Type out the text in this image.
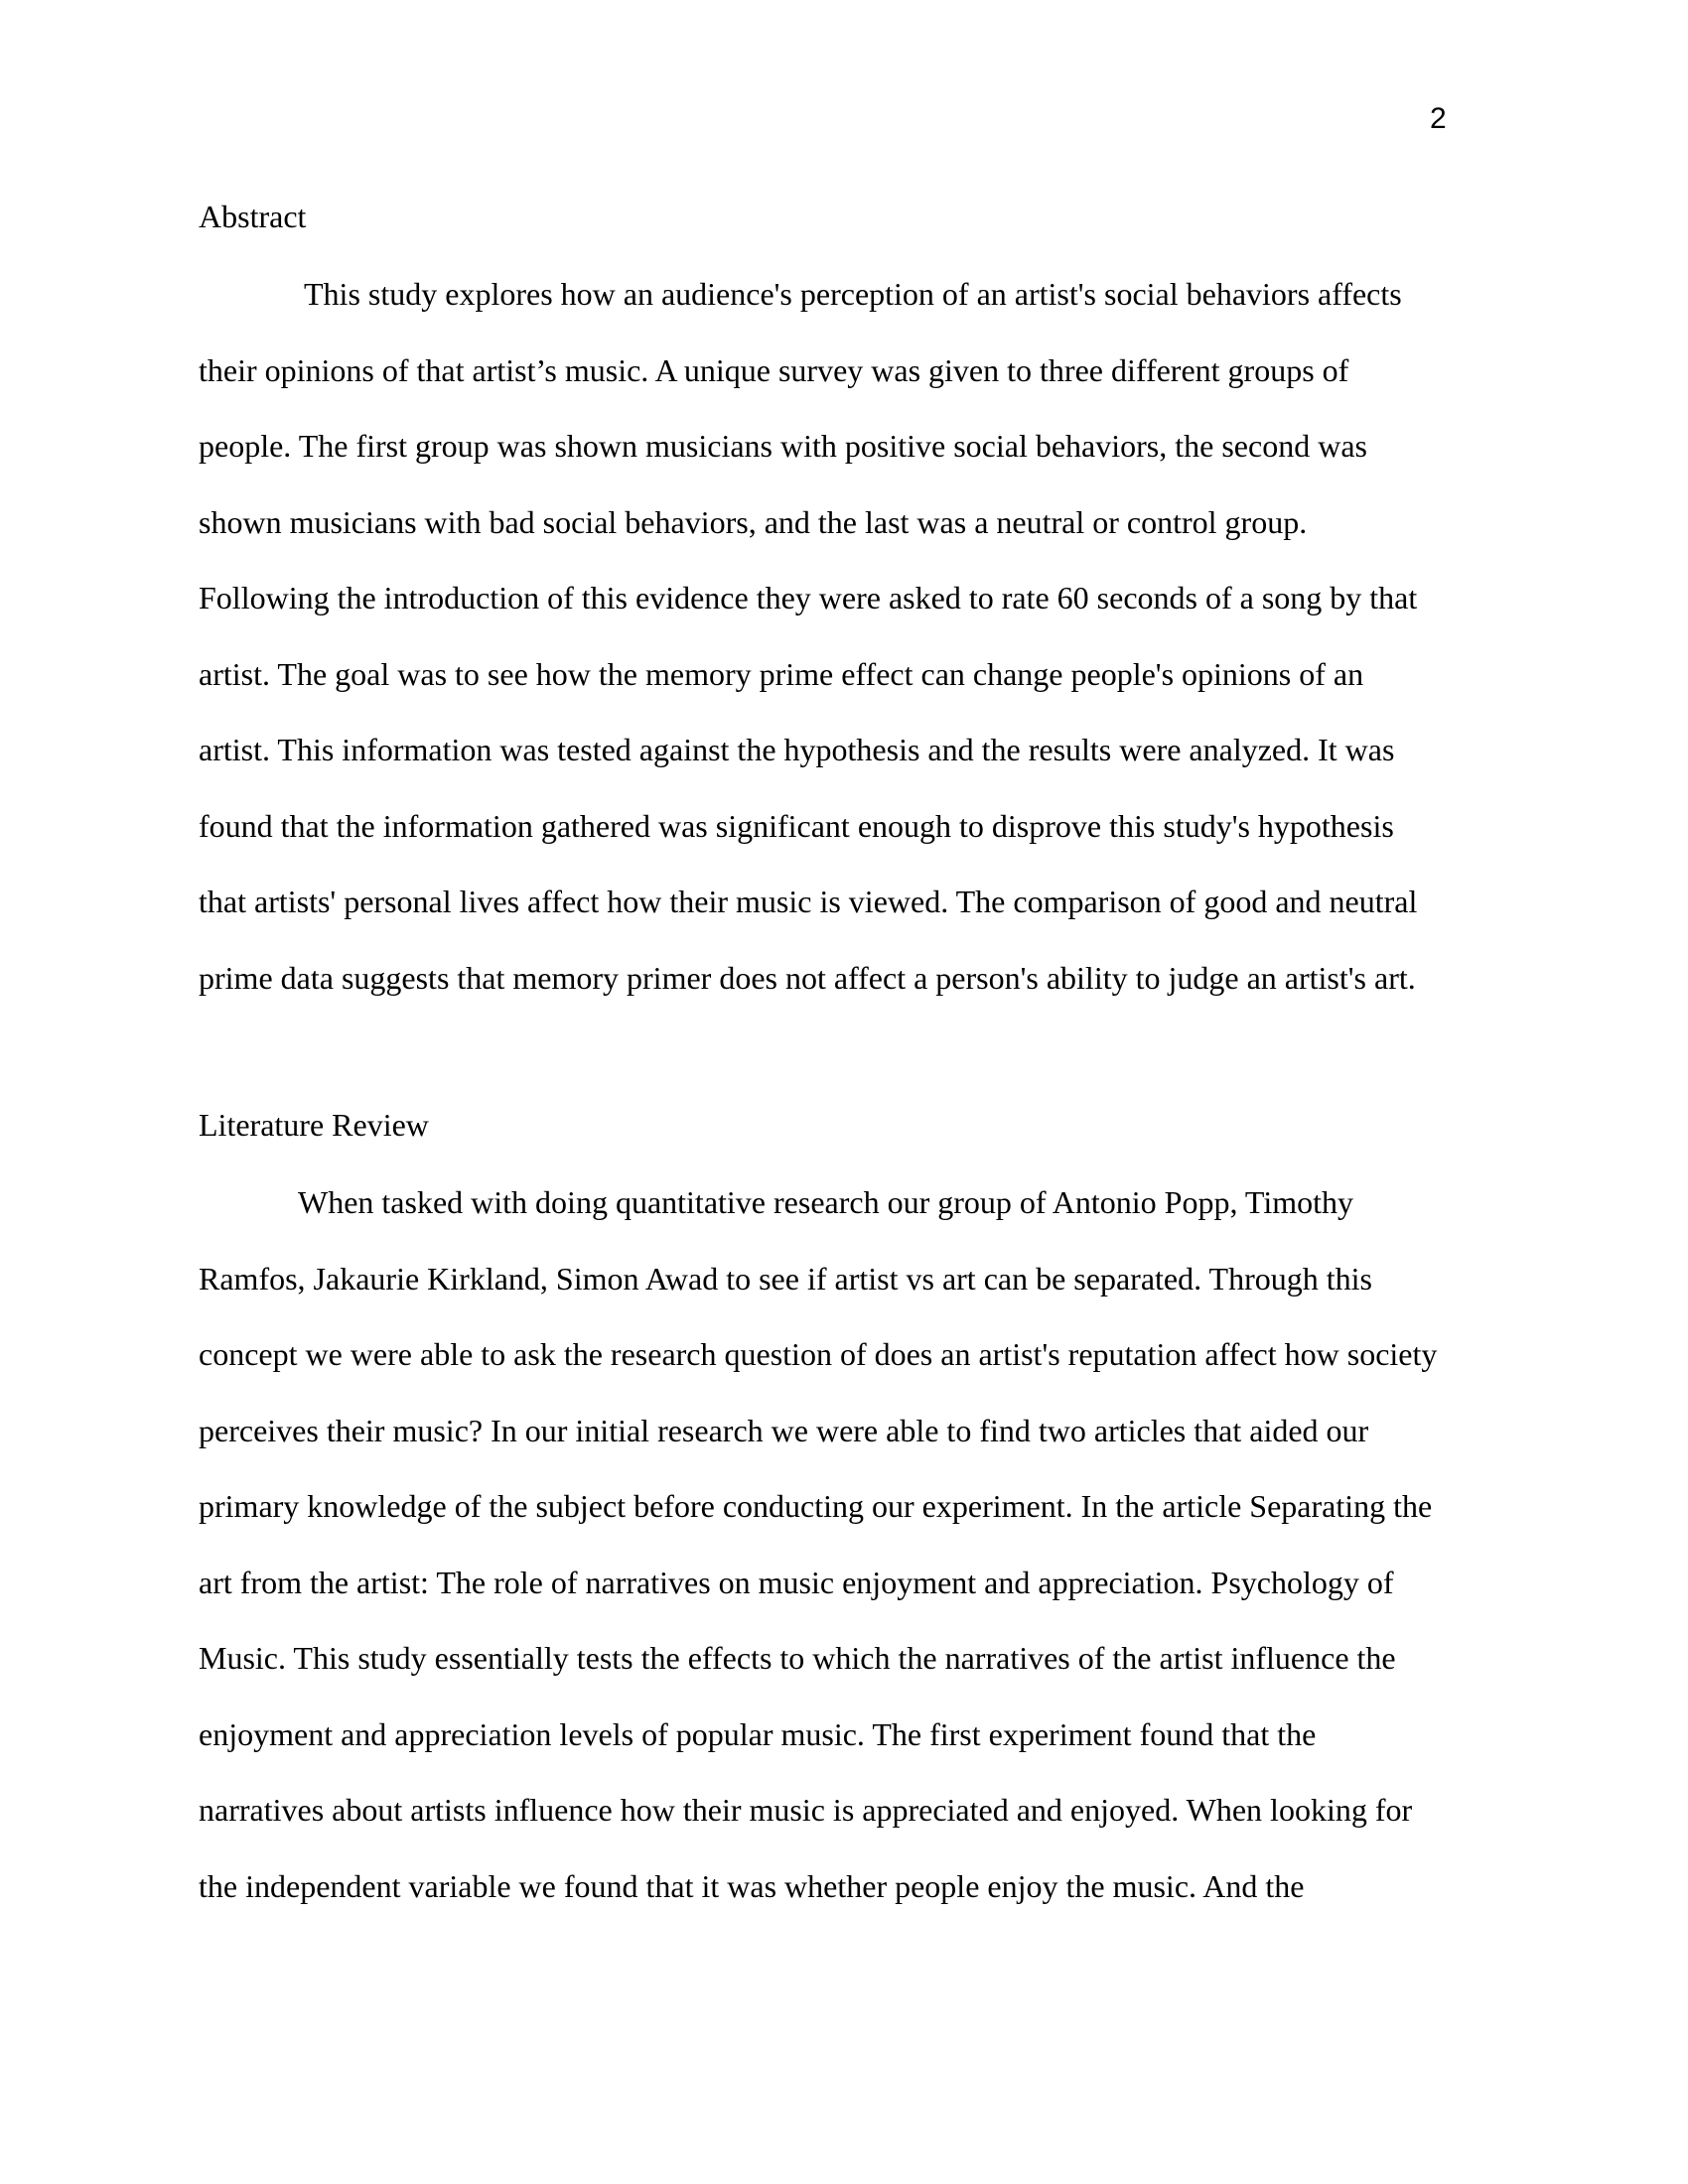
2
Abstract
This study explores how an audience's perception of an artist's social behaviors affects
their opinions of that artist’s music. A unique survey was given to three different groups of
people. The first group was shown musicians with positive social behaviors, the second was
shown musicians with bad social behaviors, and the last was a neutral or control group.
Following the introduction of this evidence they were asked to rate 60 seconds of a song by that
artist. The goal was to see how the memory prime effect can change people's opinions of an
artist. This information was tested against the hypothesis and the results were analyzed. It was
found that the information gathered was significant enough to disprove this study's hypothesis
that artists' personal lives affect how their music is viewed. The comparison of good and neutral
prime data suggests that memory primer does not affect a person's ability to judge an artist's art.
Literature Review
When tasked with doing quantitative research our group of Antonio Popp, Timothy
Ramfos, Jakaurie Kirkland, Simon Awad to see if artist vs art can be separated. Through this
concept we were able to ask the research question of does an artist's reputation affect how society
perceives their music? In our initial research we were able to find two articles that aided our
primary knowledge of the subject before conducting our experiment. In the article Separating the
art from the artist: The role of narratives on music enjoyment and appreciation. Psychology of
Music. This study essentially tests the effects to which the narratives of the artist influence the
enjoyment and appreciation levels of popular music. The first experiment found that the
narratives about artists influence how their music is appreciated and enjoyed. When looking for
the independent variable we found that it was whether people enjoy the music. And the
